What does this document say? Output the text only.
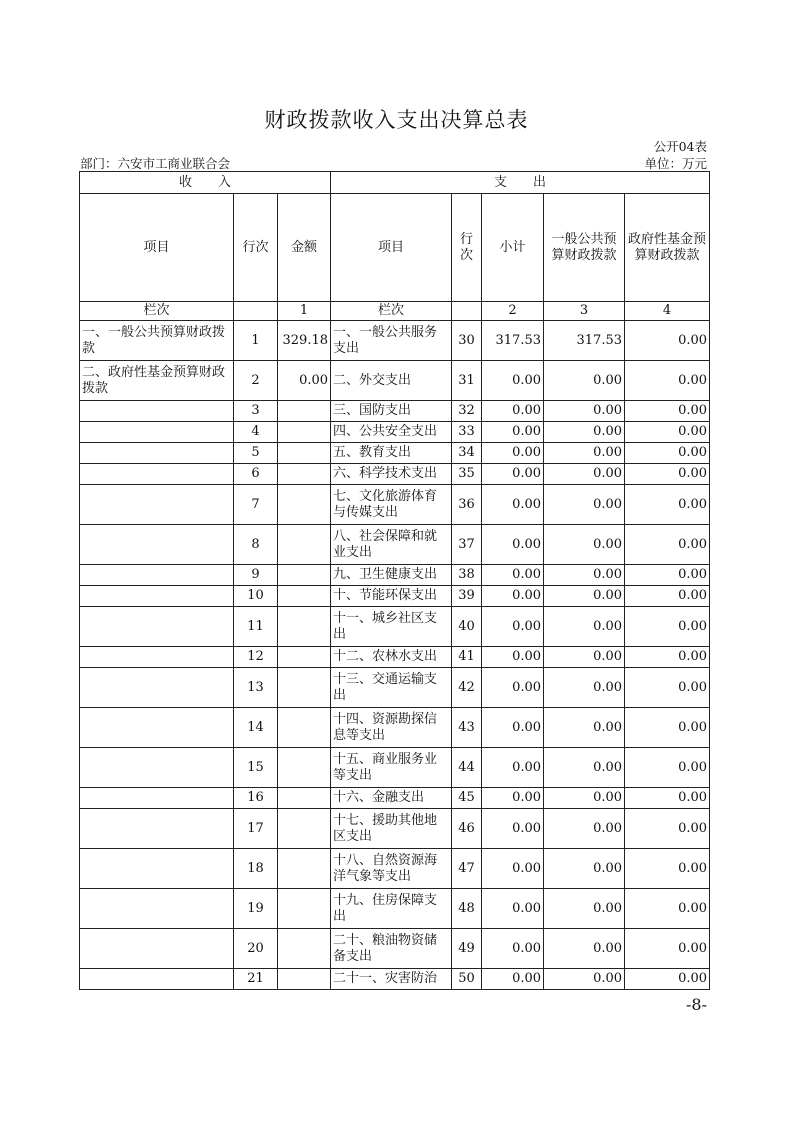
财政拨款收入支出决算总表
公开04表
部门：六安市工商业联合会	单位：万元
收　　入			支　　出				
项目	行次	金额	项目	行次	小计	一般公共预算财政拨款	政府性基金预算财政拨款
栏次		1	栏次		2	3	4
一、一般公共预算财政拨款	1	329.18	一、一般公共服务支出	30	317.53	317.53	0.00
二、政府性基金预算财政拨款	2	0.00	二、外交支出	31	0.00	0.00	0.00
	3		三、国防支出	32	0.00	0.00	0.00
	4		四、公共安全支出	33	0.00	0.00	0.00
	5		五、教育支出	34	0.00	0.00	0.00
	6		六、科学技术支出	35	0.00	0.00	0.00
	7		七、文化旅游体育与传媒支出	36	0.00	0.00	0.00
	8		八、社会保障和就业支出	37	0.00	0.00	0.00
	9		九、卫生健康支出	38	0.00	0.00	0.00
	10		十、节能环保支出	39	0.00	0.00	0.00
	11		十一、城乡社区支出	40	0.00	0.00	0.00
	12		十二、农林水支出	41	0.00	0.00	0.00
	13		十三、交通运输支出	42	0.00	0.00	0.00
	14		十四、资源勘探信息等支出	43	0.00	0.00	0.00
	15		十五、商业服务业等支出	44	0.00	0.00	0.00
	16		十六、金融支出	45	0.00	0.00	0.00
	17		十七、援助其他地区支出	46	0.00	0.00	0.00
	18		十八、自然资源海洋气象等支出	47	0.00	0.00	0.00
	19		十九、住房保障支出	48	0.00	0.00	0.00
	20		二十、粮油物资储备支出	49	0.00	0.00	0.00
	21		二十一、灾害防治	50	0.00	0.00	0.00
-8-
